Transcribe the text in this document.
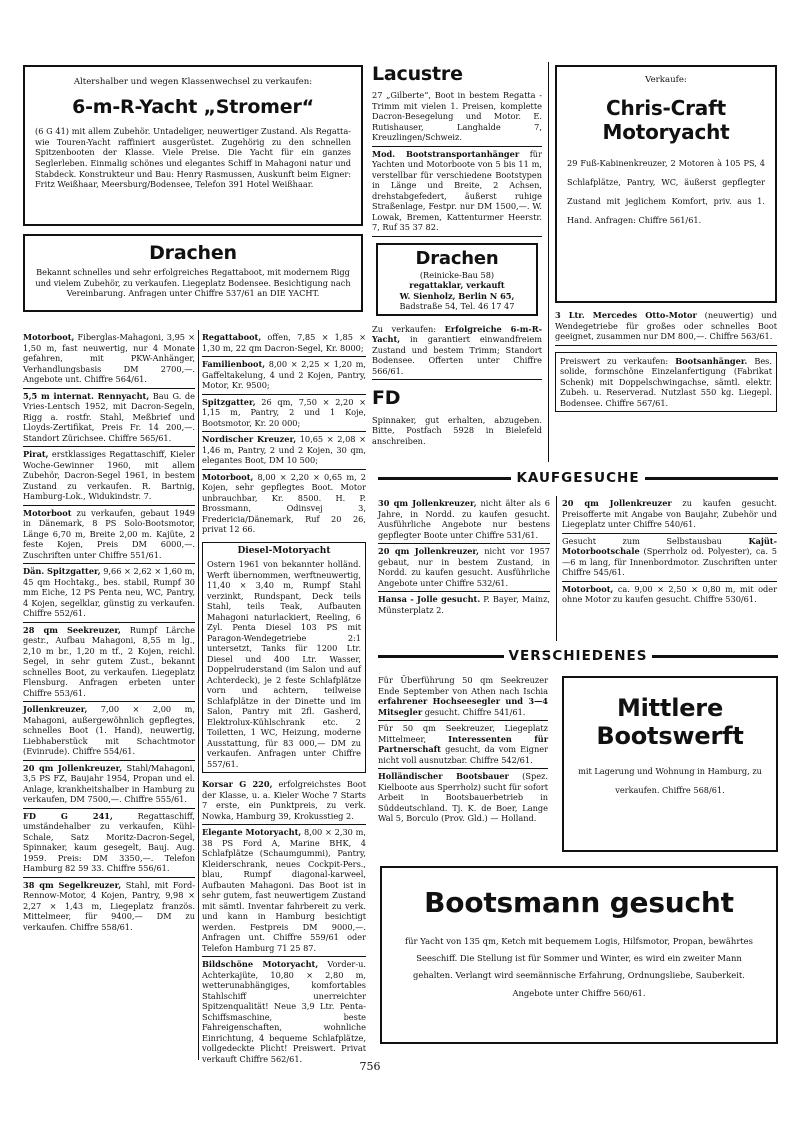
Altershalber und wegen Klassenwechsel zu verkaufen:
6-m-R-Yacht „Stromer“
(6 G 41) mit allem Zubehör. Untadeliger, neuwertiger Zustand. Als Regatta- wie Touren-Yacht raffiniert ausgerüstet. Zugehörig zu den schnellen Spitzenbooten der Klasse. Viele Preise. Die Yacht für ein ganzes Seglerleben. Einmalig schönes und elegantes Schiff in Mahagoni natur und Stabdeck. Konstrukteur und Bau: Henry Rasmussen, Auskunft beim Eigner: Fritz Weißhaar, Meersburg/Bodensee, Telefon 391 Hotel Weißhaar.
Drachen
Bekannt schnelles und sehr erfolgreiches Regattaboot, mit modernem Rigg und vielem Zubehör, zu verkaufen. Liegeplatz Bodensee. Besichtigung nach Vereinbarung. Anfragen unter Chiffre 537/61 an DIE YACHT.
Motorboot, Fiberglas-Mahagoni, 3,95 × 1,50 m, fast neuwertig, nur 4 Monate gefahren, mit PKW-Anhänger, Verhandlungsbasis DM 2700,—. Angebote unt. Chiffre 564/61.
5,5 m internat. Rennyacht, Bau G. de Vries-Lentsch 1952, mit Dacron-Segeln, Rigg a. rostfr. Stahl, Meßbrief und Lloyds-Zertifikat, Preis Fr. 14 200,—. Standort Zürichsee. Chiffre 565/61.
Pirat, erstklassiges Regattaschiff, Kieler Woche-Gewinner 1960, mit allem Zubehör, Dacron-Segel 1961, in bestem Zustand zu verkaufen. R. Bartnig, Hamburg-Lok., Widukindstr. 7.
Motorboot zu verkaufen, gebaut 1949 in Dänemark, 8 PS Solo-Bootsmotor, Länge 6,70 m, Breite 2,00 m. Kajüte, 2 feste Kojen, Preis DM 6000,—. Zuschriften unter Chiffre 551/61.
Dän. Spitzgatter, 9,66 × 2,62 × 1,60 m, 45 qm Hochtakg., bes. stabil, Rumpf 30 mm Eiche, 12 PS Penta neu, WC, Pantry, 4 Kojen, segelklar, günstig zu verkaufen. Chiffre 552/61.
28 qm Seekreuzer, Rumpf Lärche gestr., Aufbau Mahagoni, 8,55 m lg., 2,10 m br., 1,20 m tf., 2 Kojen, reichl. Segel, in sehr gutem Zust., bekannt schnelles Boot, zu verkaufen. Liegeplatz Flensburg. Anfragen erbeten unter Chiffre 553/61.
Jollenkreuzer, 7,00 × 2,00 m, Mahagoni, außergewöhnlich gepflegtes, schnelles Boot (1. Hand), neuwertig, Liebhaberstück mit Schachtmotor (Evinrude). Chiffre 554/61.
20 qm Jollenkreuzer, Stahl/Mahagoni, 3,5 PS FZ, Baujahr 1954, Propan und el. Anlage, krankheitshalber in Hamburg zu verkaufen, DM 7500,—. Chiffre 555/61.
FD G 241, Regattaschiff, umständehalber zu verkaufen, Kühl-Schale, Satz Moritz-Dacron-Segel, Spinnaker, kaum gesegelt, Bauj. Aug. 1959. Preis: DM 3350,—. Telefon Hamburg 82 59 33. Chiffre 556/61.
38 qm Segelkreuzer, Stahl, mit Ford-Rennow-Motor, 4 Kojen, Pantry, 9,98 × 2,27 × 1,43 m, Liegeplatz französ. Mittelmeer, für 9400,— DM zu verkaufen. Chiffre 558/61.
Regattaboot, offen, 7,85 × 1,85 × 1,30 m, 22 qm Dacron-Segel, Kr. 8000;
Familienboot, 8,00 × 2,25 × 1,20 m, Gaffeltakelung, 4 und 2 Kojen, Pantry, Motor, Kr. 9500;
Spitzgatter, 26 qm, 7,50 × 2,20 × 1,15 m, Pantry, 2 und 1 Koje, Bootsmotor, Kr. 20 000;
Nordischer Kreuzer, 10,65 × 2,08 × 1,46 m, Pantry, 2 und 2 Kojen, 30 qm, elegantes Boot, DM 10 500;
Motorboot, 8,00 × 2,20 × 0,65 m, 2 Kojen, sehr gepflegtes Boot. Motor unbrauchbar, Kr. 8500. H. P. Brossmann, Odinsvej 3, Fredericia/Dänemark, Ruf 20 26, privat 12 66.
Diesel-Motoryacht
Ostern 1961 von bekannter holländ. Werft übernommen, werftneuwertig, 11,40 × 3,40 m, Rumpf Stahl verzinkt, Rundspant, Deck teils Stahl, teils Teak, Aufbauten Mahagoni naturlackiert, Reeling, 6 Zyl. Penta Diesel 103 PS mit Paragon-Wendegetriebe 2:1 untersetzt, Tanks für 1200 Ltr. Diesel und 400 Ltr. Wasser, Doppelruderstand (im Salon und auf Achterdeck), je 2 feste Schlafplätze vorn und achtern, teilweise Schlafplätze in der Dinette und im Salon, Pantry mit 2fl. Gasherd, Elektrolux-Kühlschrank etc. 2 Toiletten, 1 WC, Heizung, moderne Ausstattung, für 83 000,— DM zu verkaufen. Anfragen unter Chiffre 557/61.
Korsar G 220, erfolgreichstes Boot der Klasse, u. a. Kieler Woche 7 Starts 7 erste, ein Punktpreis, zu verk. Nowka, Hamburg 39, Krokusstieg 2.
Elegante Motoryacht, 8,00 × 2,30 m, 38 PS Ford A, Marine BHK, 4 Schlafplätze (Schaumgummi), Pantry, Kleiderschrank, neues Cockpit-Pers., blau, Rumpf diagonal-karweel, Aufbauten Mahagoni. Das Boot ist in sehr gutem, fast neuwertigem Zustand mit sämtl. Inventar fahrbereit zu verk. und kann in Hamburg besichtigt werden. Festpreis DM 9000,—. Anfragen unt. Chiffre 559/61 oder Telefon Hamburg 71 25 87.
Bildschöne Motoryacht, Vorder-u. Achterkajüte, 10,80 × 2,80 m, wetterunabhängiges, komfortables Stahlschiff unerreichter Spitzenqualität! Neue 3,9 Ltr. Penta-Schiffsmaschine, beste Fahreigenschaften, wohnliche Einrichtung, 4 bequeme Schlafplätze, vollgedeckte Plicht! Preiswert. Privat verkauft Chiffre 562/61.
Lacustre
27 „Gilberte“, Boot in bestem Regatta - Trimm mit vielen 1. Preisen, komplette Dacron-Besegelung und Motor. E. Rutishauser, Langhalde 7, Kreuzlingen/Schweiz.
Mod. Bootstransportanhänger für Yachten und Motorboote von 5 bis 11 m, verstellbar für verschiedene Bootstypen in Länge und Breite, 2 Achsen, drehstabgefedert, äußerst ruhige Straßenlage, Festpr. nur DM 1500,—. W. Lowak, Bremen, Kattenturmer Heerstr. 7, Ruf 35 37 82.
Drachen
(Reinicke-Bau 58)
regattaklar, verkauft
W. Sienholz, Berlin N 65,
Badstraße 54, Tel. 46 17 47
Zu verkaufen: Erfolgreiche 6-m-R-Yacht, in garantiert einwandfreiem Zustand und bestem Trimm; Standort Bodensee. Offerten unter Chiffre 566/61.
FD
Spinnaker, gut erhalten, abzugeben. Bitte, Postfach 5928 in Bielefeld anschreiben.
Verkaufe:
Chris-Craft
Motoryacht
29 Fuß-Kabinenkreuzer, 2 Motoren à 105 PS, 4 Schlafplätze, Pantry, WC, äußerst gepflegter Zustand mit jeglichem Komfort, priv. aus 1. Hand. Anfragen: Chiffre 561/61.
3 Ltr. Mercedes Otto-Motor (neuwertig) und Wendegetriebe für großes oder schnelles Boot geeignet, zusammen nur DM 800,—. Chiffre 563/61.
Preiswert zu verkaufen: Bootsanhänger. Bes. solide, formschöne Einzelanfertigung (Fabrikat Schenk) mit Doppelschwingachse, sämtl. elektr. Zubeh. u. Reserverad. Nutzlast 550 kg. Liegepl. Bodensee. Chiffre 567/61.
KAUFGESUCHE
30 qm Jollenkreuzer, nicht älter als 6 Jahre, in Nordd. zu kaufen gesucht. Ausführliche Angebote nur bestens gepflegter Boote unter Chiffre 531/61.
20 qm Jollenkreuzer, nicht vor 1957 gebaut, nur in bestem Zustand, in Nordd. zu kaufen gesucht. Ausführliche Angebote unter Chiffre 532/61.
Hansa - Jolle gesucht. P. Bayer, Mainz, Münsterplatz 2.
20 qm Jollenkreuzer zu kaufen gesucht. Preisofferte mit Angabe von Baujahr, Zubehör und Liegeplatz unter Chiffre 540/61.
Gesucht zum Selbstausbau Kajüt-Motorbootschale (Sperrholz od. Polyester), ca. 5—6 m lang, für Innenbordmotor. Zuschriften unter Chiffre 545/61.
Motorboot, ca. 9,00 × 2,50 × 0,80 m, mit oder ohne Motor zu kaufen gesucht. Chiffre 530/61.
VERSCHIEDENES
Für Überführung 50 qm Seekreuzer Ende September von Athen nach Ischia erfahrener Hochseesegler und 3—4 Mitsegler gesucht. Chiffre 541/61.
Für 50 qm Seekreuzer, Liegeplatz Mittelmeer, Interessenten für Partnerschaft gesucht, da vom Eigner nicht voll ausnutzbar. Chiffre 542/61.
Holländischer Bootsbauer (Spez. Kielboote aus Sperrholz) sucht für sofort Arbeit in Bootsbauerbetrieb in Süddeutschland. Tj. K. de Boer, Lange Wal 5, Borculo (Prov. Gld.) — Holland.
Mittlere
Bootswerft
mit Lagerung und Wohnung in Hamburg, zu verkaufen. Chiffre 568/61.
Bootsmann gesucht
für Yacht von 135 qm, Ketch mit bequemem Logis, Hilfsmotor, Propan, bewährtes Seeschiff. Die Stellung ist für Sommer und Winter, es wird ein zweiter Mann gehalten. Verlangt wird seemännische Erfahrung, Ordnungsliebe, Sauberkeit. Angebote unter Chiffre 560/61.
756
